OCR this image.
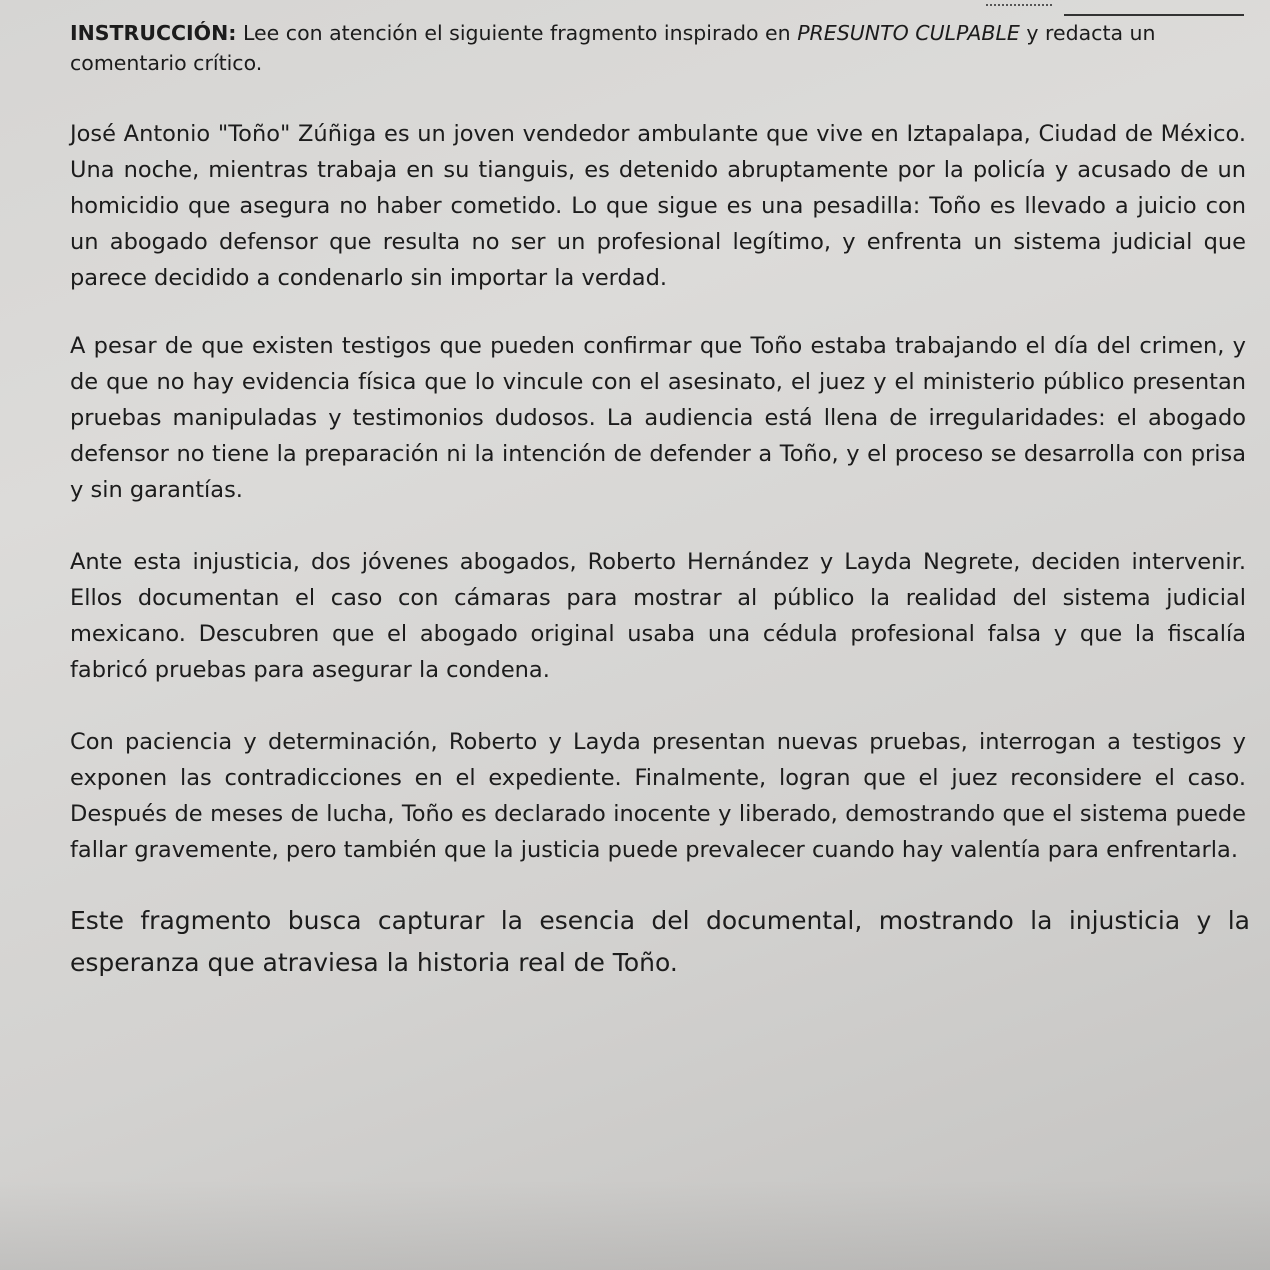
INSTRUCCIÓN: Lee con atención el siguiente fragmento inspirado en PRESUNTO CULPABLE y redacta un comentario crítico.

José Antonio "Toño" Zúñiga es un joven vendedor ambulante que vive en Iztapalapa, Ciudad de México. Una noche, mientras trabaja en su tianguis, es detenido abruptamente por la policía y acusado de un homicidio que asegura no haber cometido. Lo que sigue es una pesadilla: Toño es llevado a juicio con un abogado defensor que resulta no ser un profesional legítimo, y enfrenta un sistema judicial que parece decidido a condenarlo sin importar la verdad.

A pesar de que existen testigos que pueden confirmar que Toño estaba trabajando el día del crimen, y de que no hay evidencia física que lo vincule con el asesinato, el juez y el ministerio público presentan pruebas manipuladas y testimonios dudosos. La audiencia está llena de irregularidades: el abogado defensor no tiene la preparación ni la intención de defender a Toño, y el proceso se desarrolla con prisa y sin garantías.

Ante esta injusticia, dos jóvenes abogados, Roberto Hernández y Layda Negrete, deciden intervenir. Ellos documentan el caso con cámaras para mostrar al público la realidad del sistema judicial mexicano. Descubren que el abogado original usaba una cédula profesional falsa y que la fiscalía fabricó pruebas para asegurar la condena.

Con paciencia y determinación, Roberto y Layda presentan nuevas pruebas, interrogan a testigos y exponen las contradicciones en el expediente. Finalmente, logran que el juez reconsidere el caso. Después de meses de lucha, Toño es declarado inocente y liberado, demostrando que el sistema puede fallar gravemente, pero también que la justicia puede prevalecer cuando hay valentía para enfrentarla.

Este fragmento busca capturar la esencia del documental, mostrando la injusticia y la esperanza que atraviesa la historia real de Toño.
